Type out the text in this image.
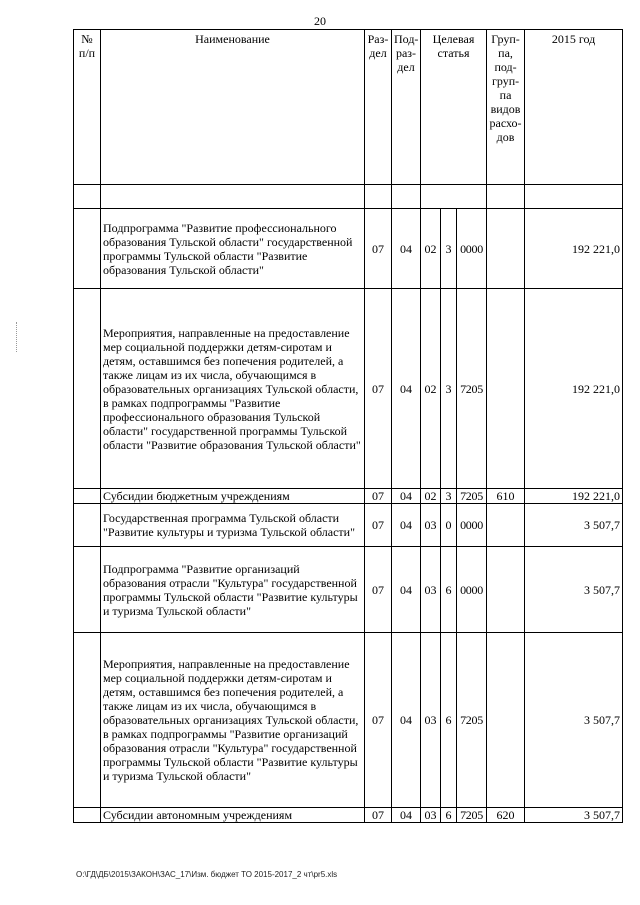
20
№ п/п	Наименование	Раз-дел	Под-раз-дел	Целевая статья			Груп-па, под-груп-па видов расхо-дов	2015 год

	Подпрограмма "Развитие профессионального образования Тульской области" государственной программы Тульской области "Развитие образования Тульской области"	07	04	02	3	0000		192 221,0
	Мероприятия, направленные на предоставление мер социальной поддержки детям-сиротам и детям, оставшимся без попечения родителей, а также лицам из их числа, обучающимся в образовательных организациях Тульской области, в рамках подпрограммы "Развитие профессионального образования Тульской области" государственной программы Тульской области "Развитие образования Тульской области"	07	04	02	3	7205		192 221,0
	Субсидии бюджетным учреждениям	07	04	02	3	7205	610	192 221,0
	Государственная программа Тульской области "Развитие культуры и туризма Тульской области"	07	04	03	0	0000		3 507,7
	Подпрограмма "Развитие организаций образования отрасли "Культура" государственной программы Тульской области "Развитие культуры и туризма Тульской области"	07	04	03	6	0000		3 507,7
	Мероприятия, направленные на предоставление мер социальной поддержки детям-сиротам и детям, оставшимся без попечения родителей, а также лицам из их числа, обучающимся в образовательных организациях Тульской области, в рамках подпрограммы "Развитие организаций образования отрасли "Культура" государственной программы Тульской области "Развитие культуры и туризма Тульской области"	07	04	03	6	7205		3 507,7
	Субсидии автономным учреждениям	07	04	03	6	7205	620	3 507,7
O:\ГД\ДБ\2015\ЗАКОН\ЗАС_17\Изм. бюджет ТО 2015-2017_2 чт\pr5.xls
